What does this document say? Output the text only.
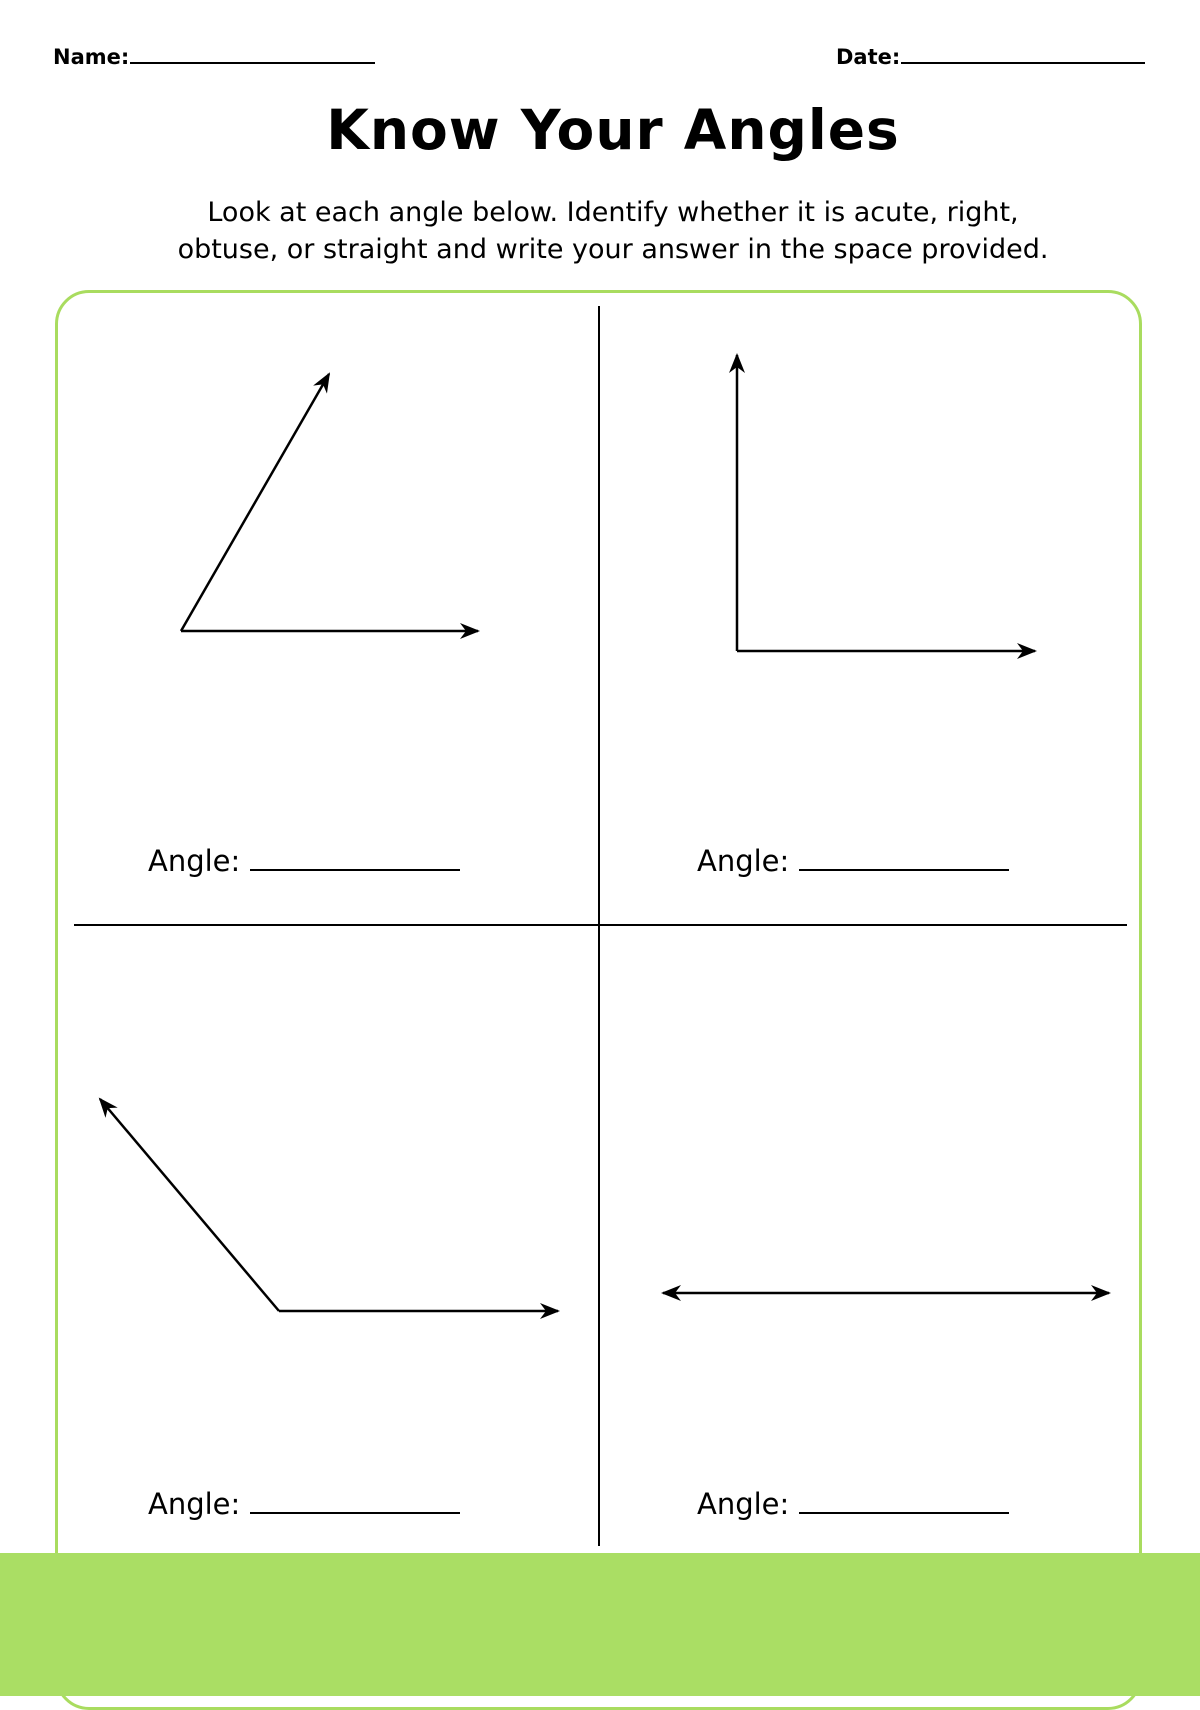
Name:	Date:
Know Your Angles
Look at each angle below. Identify whether it is acute, right,
obtuse, or straight and write your answer in the space provided.
Angle:	Angle:
Angle:	Angle:
